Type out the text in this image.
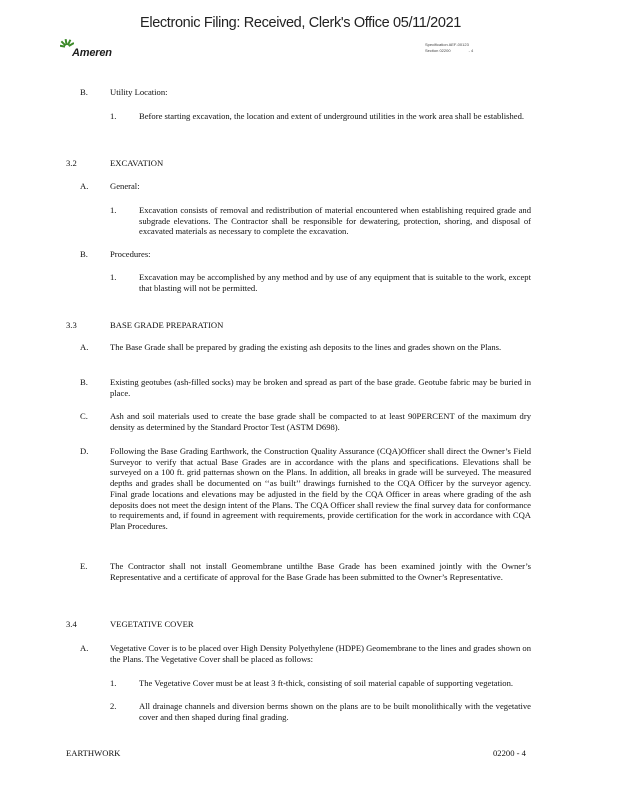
Electronic Filing: Received, Clerk's Office 05/11/2021
Ameren
Specification AEF-00123
Section 02200	- 4
B.	Utility Location:
1.	Before starting excavation, the location and extent of underground utilities in the work area shall be established.
3.2	EXCAVATION
A.	General:
1.	Excavation consists of removal and redistribution of material encountered when establishing required grade and subgrade elevations. The Contractor shall be responsible for dewatering, protection, shoring, and disposal of excavated materials as necessary to complete the excavation.
B.	Procedures:
1.	Excavation may be accomplished by any method and by use of any equipment that is suitable to the work, except that blasting will not be permitted.
3.3	BASE GRADE PREPARATION
A.	The Base Grade shall be prepared by grading the existing ash deposits to the lines and grades shown on the Plans.
B.	Existing geotubes (ash-filled socks) may be broken and spread as part of the base grade. Geotube fabric may be buried in place.
C.	Ash and soil materials used to create the base grade shall be compacted to at least 90PERCENT of the maximum dry density as determined by the Standard Proctor Test (ASTM D698).
D.	Following the Base Grading Earthwork, the Construction Quality Assurance (CQA)Officer shall direct the Owner’s Field Surveyor to verify that actual Base Grades are in accordance with the plans and specifications. Elevations shall be surveyed on a 100 ft. grid patternas shown on the Plans. In addition, all breaks in grade will be surveyed. The measured depths and grades shall be documented on ‘‘as built’’ drawings furnished to the CQA Officer by the surveyor agency. Final grade locations and elevations may be adjusted in the field by the CQA Officer in areas where grading of the ash deposits does not meet the design intent of the Plans. The CQA Officer shall review the final survey data for conformance to requirements and, if found in agreement with requirements, provide certification for the work in accordance with CQA Plan Procedures.
E.	The Contractor shall not install Geomembrane untilthe Base Grade has been examined jointly with the Owner’s Representative and a certificate of approval for the Base Grade has been submitted to the Owner’s Representative.
3.4	VEGETATIVE COVER
A.	Vegetative Cover is to be placed over High Density Polyethylene (HDPE) Geomembrane to the lines and grades shown on the Plans. The Vegetative Cover shall be placed as follows:
1.	The Vegetative Cover must be at least 3 ft-thick, consisting of soil material capable of supporting vegetation.
2.	All drainage channels and diversion berms shown on the plans are to be built monolithically with the vegetative cover and then shaped during final grading.
EARTHWORK	02200 - 4
